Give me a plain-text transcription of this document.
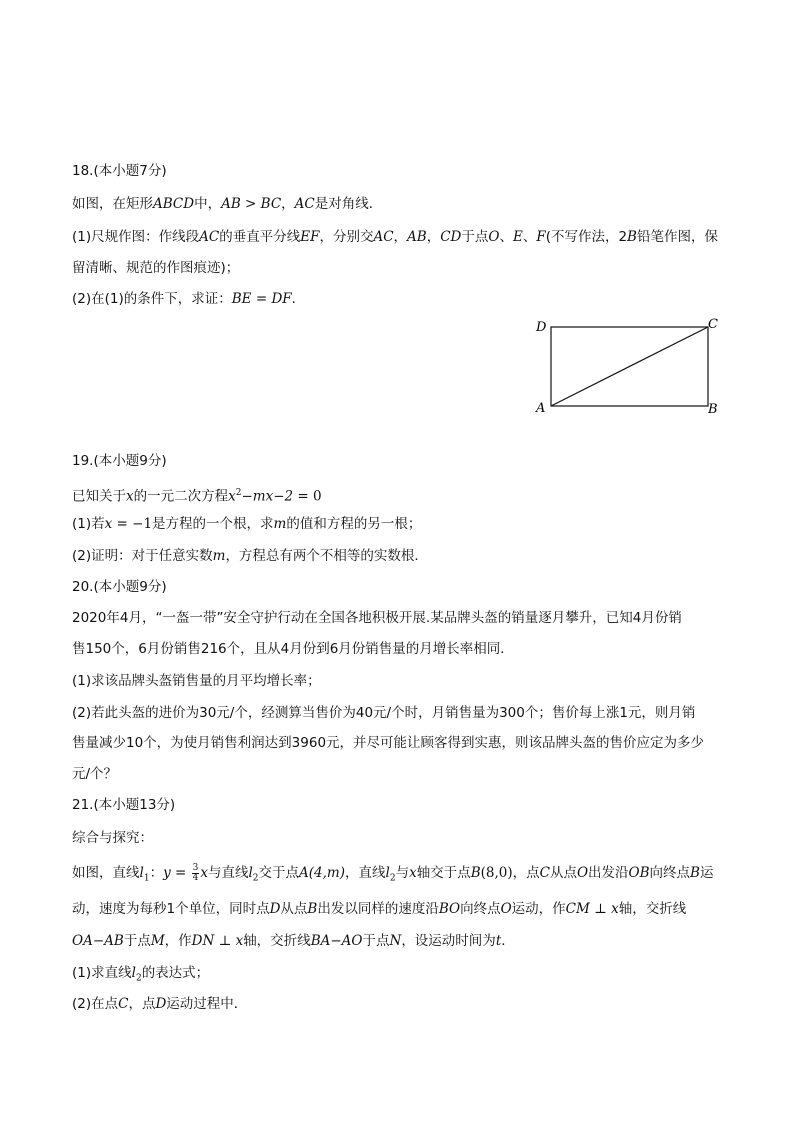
18.(本小题7分)
如图，在矩形ABCD中，AB > BC，AC是对角线．
(1)尺规作图：作线段AC的垂直平分线EF，分别交AC，AB，CD于点O、E、F(不写作法，2B铅笔作图，保
留清晰、规范的作图痕迹)；
(2)在(1)的条件下，求证：BE = DF．
D	C
A	B
19.(本小题9分)
已知关于x的一元二次方程$x^2-mx-2 = 0$
(1)若x = −1是方程的一个根，求m的值和方程的另一根；
(2)证明：对于任意实数m，方程总有两个不相等的实数根．
20.(本小题9分)
2020年4月，“一盔一带”安全守护行动在全国各地积极开展.某品牌头盔的销量逐月攀升，已知4月份销
售150个，6月份销售216个，且从4月份到6月份销售量的月增长率相同．
(1)求该品牌头盔销售量的月平均增长率；
(2)若此头盔的进价为30元/个，经测算当售价为40元/个时，月销售量为300个；售价每上涨1元，则月销
售量减少10个，为使月销售利润达到3960元，并尽可能让顾客得到实惠，则该品牌头盔的售价应定为多少
元/个？
21.(本小题13分)
综合与探究：
如图，直线$l_1$：$y = \frac{3}{4}$ x与直线$l_2$交于点A(4,m)，直线$l_2$与x轴交于点B(8,0)，点C从点O出发沿OB向终点B运
动，速度为每秒1个单位，同时点D从点B出发以同样的速度沿BO向终点O运动，作CM ⊥ x轴，交折线
OA−AB于点M，作DN ⊥ x轴，交折线BA−AO于点N，设运动时间为t．
(1)求直线$l_2$的表达式；
(2)在点C，点D运动过程中．
